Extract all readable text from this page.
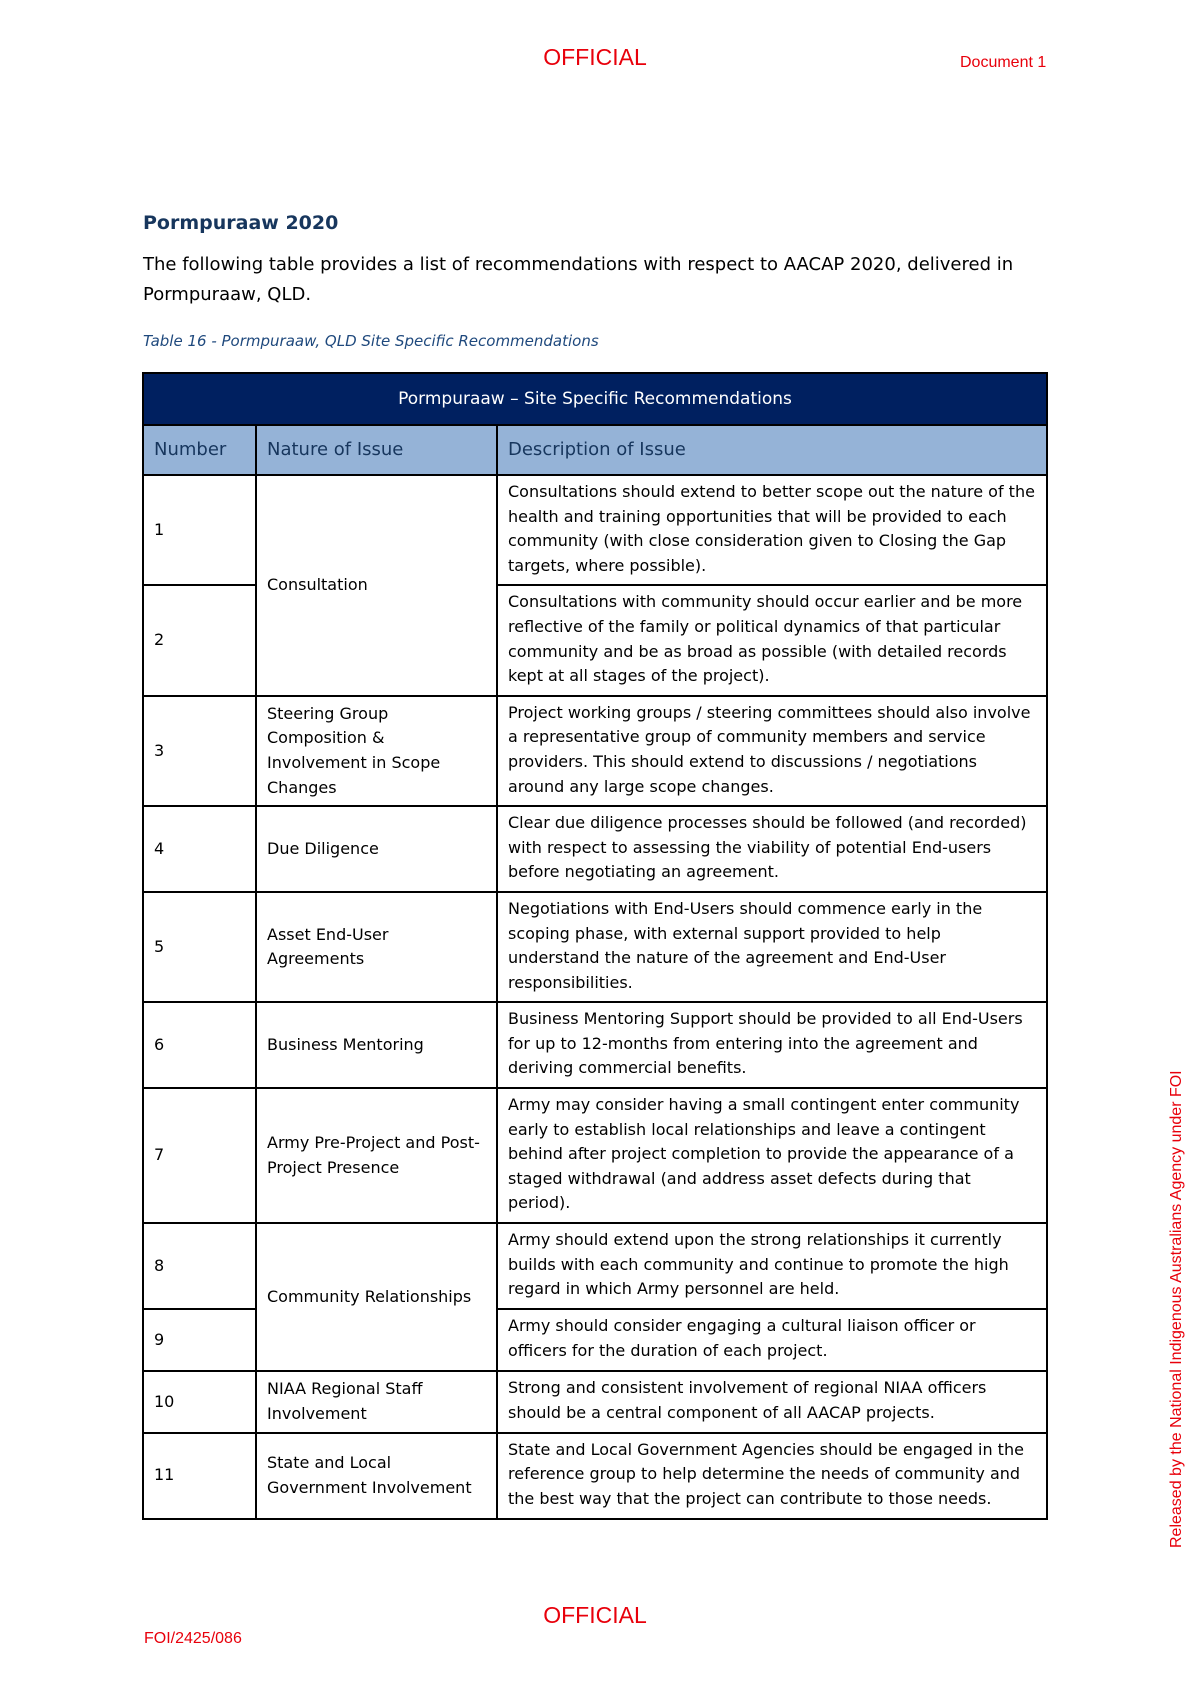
OFFICIAL	Document 1
Pormpuraaw 2020
The following table provides a list of recommendations with respect to AACAP 2020, delivered in Pormpuraaw, QLD.
Table 16 - Pormpuraaw, QLD Site Specific Recommendations
Pormpuraaw – Site Specific Recommendations		
Number	Nature of Issue	Description of Issue
1	Consultation	Consultations should extend to better scope out the nature of the health and training opportunities that will be provided to each community (with close consideration given to Closing the Gap targets, where possible).
2		Consultations with community should occur earlier and be more reflective of the family or political dynamics of that particular community and be as broad as possible (with detailed records kept at all stages of the project).
3	Steering Group Composition & Involvement in Scope Changes	Project working groups / steering committees should also involve a representative group of community members and service providers. This should extend to discussions / negotiations around any large scope changes.
4	Due Diligence	Clear due diligence processes should be followed (and recorded) with respect to assessing the viability of potential End-users before negotiating an agreement.
5	Asset End-User Agreements	Negotiations with End-Users should commence early in the scoping phase, with external support provided to help understand the nature of the agreement and End-User responsibilities.
6	Business Mentoring	Business Mentoring Support should be provided to all End-Users for up to 12-months from entering into the agreement and deriving commercial benefits.
7	Army Pre-Project and Post-Project Presence	Army may consider having a small contingent enter community early to establish local relationships and leave a contingent behind after project completion to provide the appearance of a staged withdrawal (and address asset defects during that period).
8	Community Relationships	Army should extend upon the strong relationships it currently builds with each community and continue to promote the high regard in which Army personnel are held.
9		Army should consider engaging a cultural liaison officer or officers for the duration of each project.
10	NIAA Regional Staff Involvement	Strong and consistent involvement of regional NIAA officers should be a central component of all AACAP projects.
11	State and Local Government Involvement	State and Local Government Agencies should be engaged in the reference group to help determine the needs of community and the best way that the project can contribute to those needs.
OFFICIAL
FOI/2425/086
Released by the National Indigenous Australians Agency under FOI
